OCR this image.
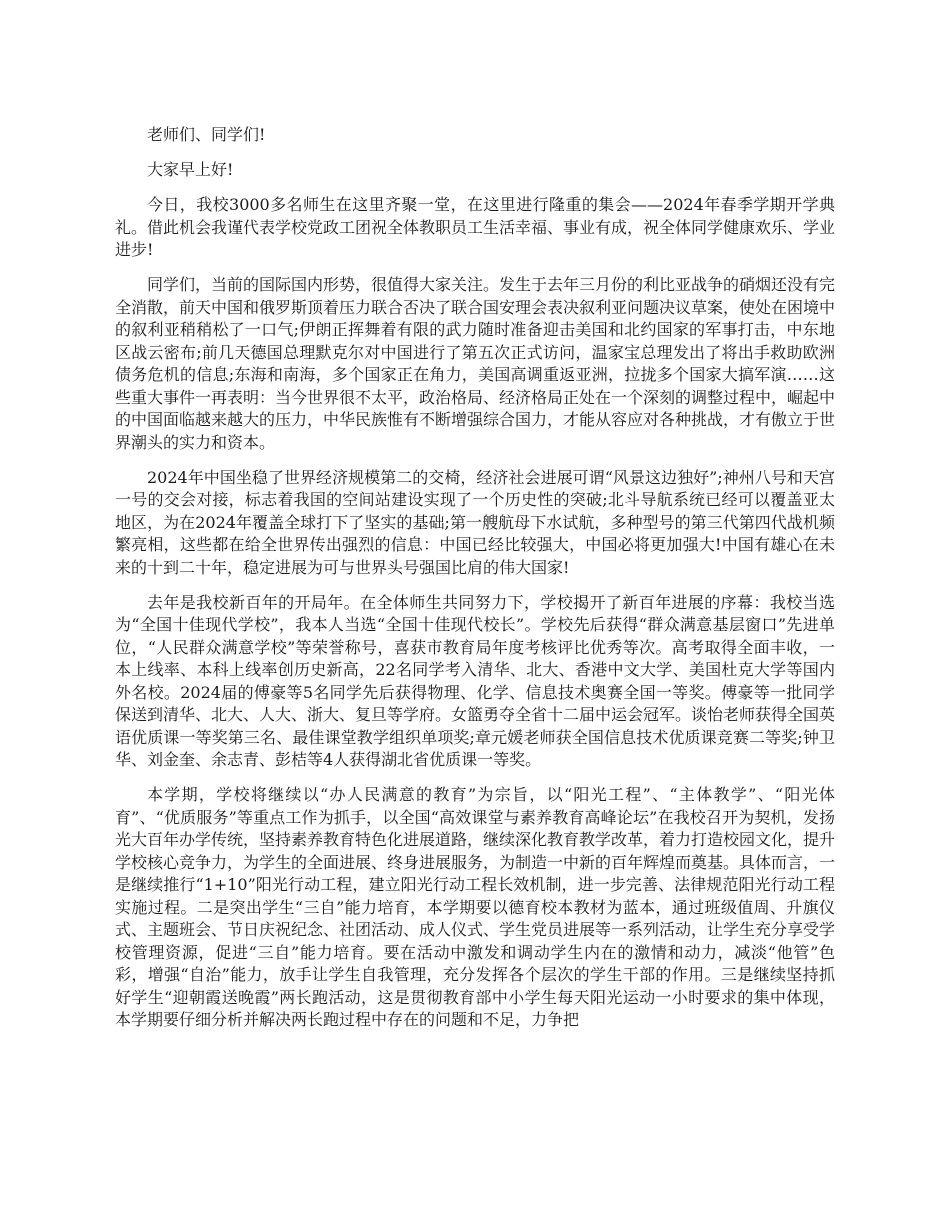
老师们、同学们!

大家早上好!

今日，我校3000多名师生在这里齐聚一堂，在这里进行隆重的集会——2024年春季学期开学典礼。借此机会我谨代表学校党政工团祝全体教职员工生活幸福、事业有成，祝全体同学健康欢乐、学业进步!

同学们，当前的国际国内形势，很值得大家关注。发生于去年三月份的利比亚战争的硝烟还没有完全消散，前天中国和俄罗斯顶着压力联合否决了联合国安理会表决叙利亚问题决议草案，使处在困境中的叙利亚稍稍松了一口气;伊朗正挥舞着有限的武力随时准备迎击美国和北约国家的军事打击，中东地区战云密布;前几天德国总理默克尔对中国进行了第五次正式访问，温家宝总理发出了将出手救助欧洲债务危机的信息;东海和南海，多个国家正在角力，美国高调重返亚洲，拉拢多个国家大搞军演……这些重大事件一再表明：当今世界很不太平，政治格局、经济格局正处在一个深刻的调整过程中，崛起中的中国面临越来越大的压力，中华民族惟有不断增强综合国力，才能从容应对各种挑战，才有傲立于世界潮头的实力和资本。

2024年中国坐稳了世界经济规模第二的交椅，经济社会进展可谓“风景这边独好”;神州八号和天宫一号的交会对接，标志着我国的空间站建设实现了一个历史性的突破;北斗导航系统已经可以覆盖亚太地区，为在2024年覆盖全球打下了坚实的基础;第一艘航母下水试航，多种型号的第三代第四代战机频繁亮相，这些都在给全世界传出强烈的信息：中国已经比较强大，中国必将更加强大!中国有雄心在未来的十到二十年，稳定进展为可与世界头号强国比肩的伟大国家!

去年是我校新百年的开局年。在全体师生共同努力下，学校揭开了新百年进展的序幕：我校当选为“全国十佳现代学校”，我本人当选“全国十佳现代校长”。学校先后获得“群众满意基层窗口”先进单位，“人民群众满意学校”等荣誉称号，喜获市教育局年度考核评比优秀等次。高考取得全面丰收，一本上线率、本科上线率创历史新高，22名同学考入清华、北大、香港中文大学、美国杜克大学等国内外名校。2024届的傅豪等5名同学先后获得物理、化学、信息技术奥赛全国一等奖。傅豪等一批同学保送到清华、北大、人大、浙大、复旦等学府。女篮勇夺全省十二届中运会冠军。谈怡老师获得全国英语优质课一等奖第三名、最佳课堂教学组织单项奖;章元媛老师获全国信息技术优质课竞赛二等奖;钟卫华、刘金奎、余志青、彭桔等4人获得湖北省优质课一等奖。

本学期，学校将继续以“办人民满意的教育”为宗旨，以“阳光工程”、“主体教学”、“阳光体育”、“优质服务”等重点工作为抓手，以全国“高效课堂与素养教育高峰论坛”在我校召开为契机，发扬光大百年办学传统，坚持素养教育特色化进展道路，继续深化教育教学改革，着力打造校园文化，提升学校核心竞争力，为学生的全面进展、终身进展服务，为制造一中新的百年辉煌而奠基。具体而言，一是继续推行“1+10”阳光行动工程，建立阳光行动工程长效机制，进一步完善、法律规范阳光行动工程实施过程。二是突出学生“三自”能力培育，本学期要以德育校本教材为蓝本，通过班级值周、升旗仪式、主题班会、节日庆祝纪念、社团活动、成人仪式、学生党员进展等一系列活动，让学生充分享受学校管理资源，促进“三自”能力培育。要在活动中激发和调动学生内在的激情和动力，减淡“他管”色彩，增强“自治”能力，放手让学生自我管理，充分发挥各个层次的学生干部的作用。三是继续坚持抓好学生“迎朝霞送晚霞”两长跑活动，这是贯彻教育部中小学生每天阳光运动一小时要求的集中体现，本学期要仔细分析并解决两长跑过程中存在的问题和不足，力争把
